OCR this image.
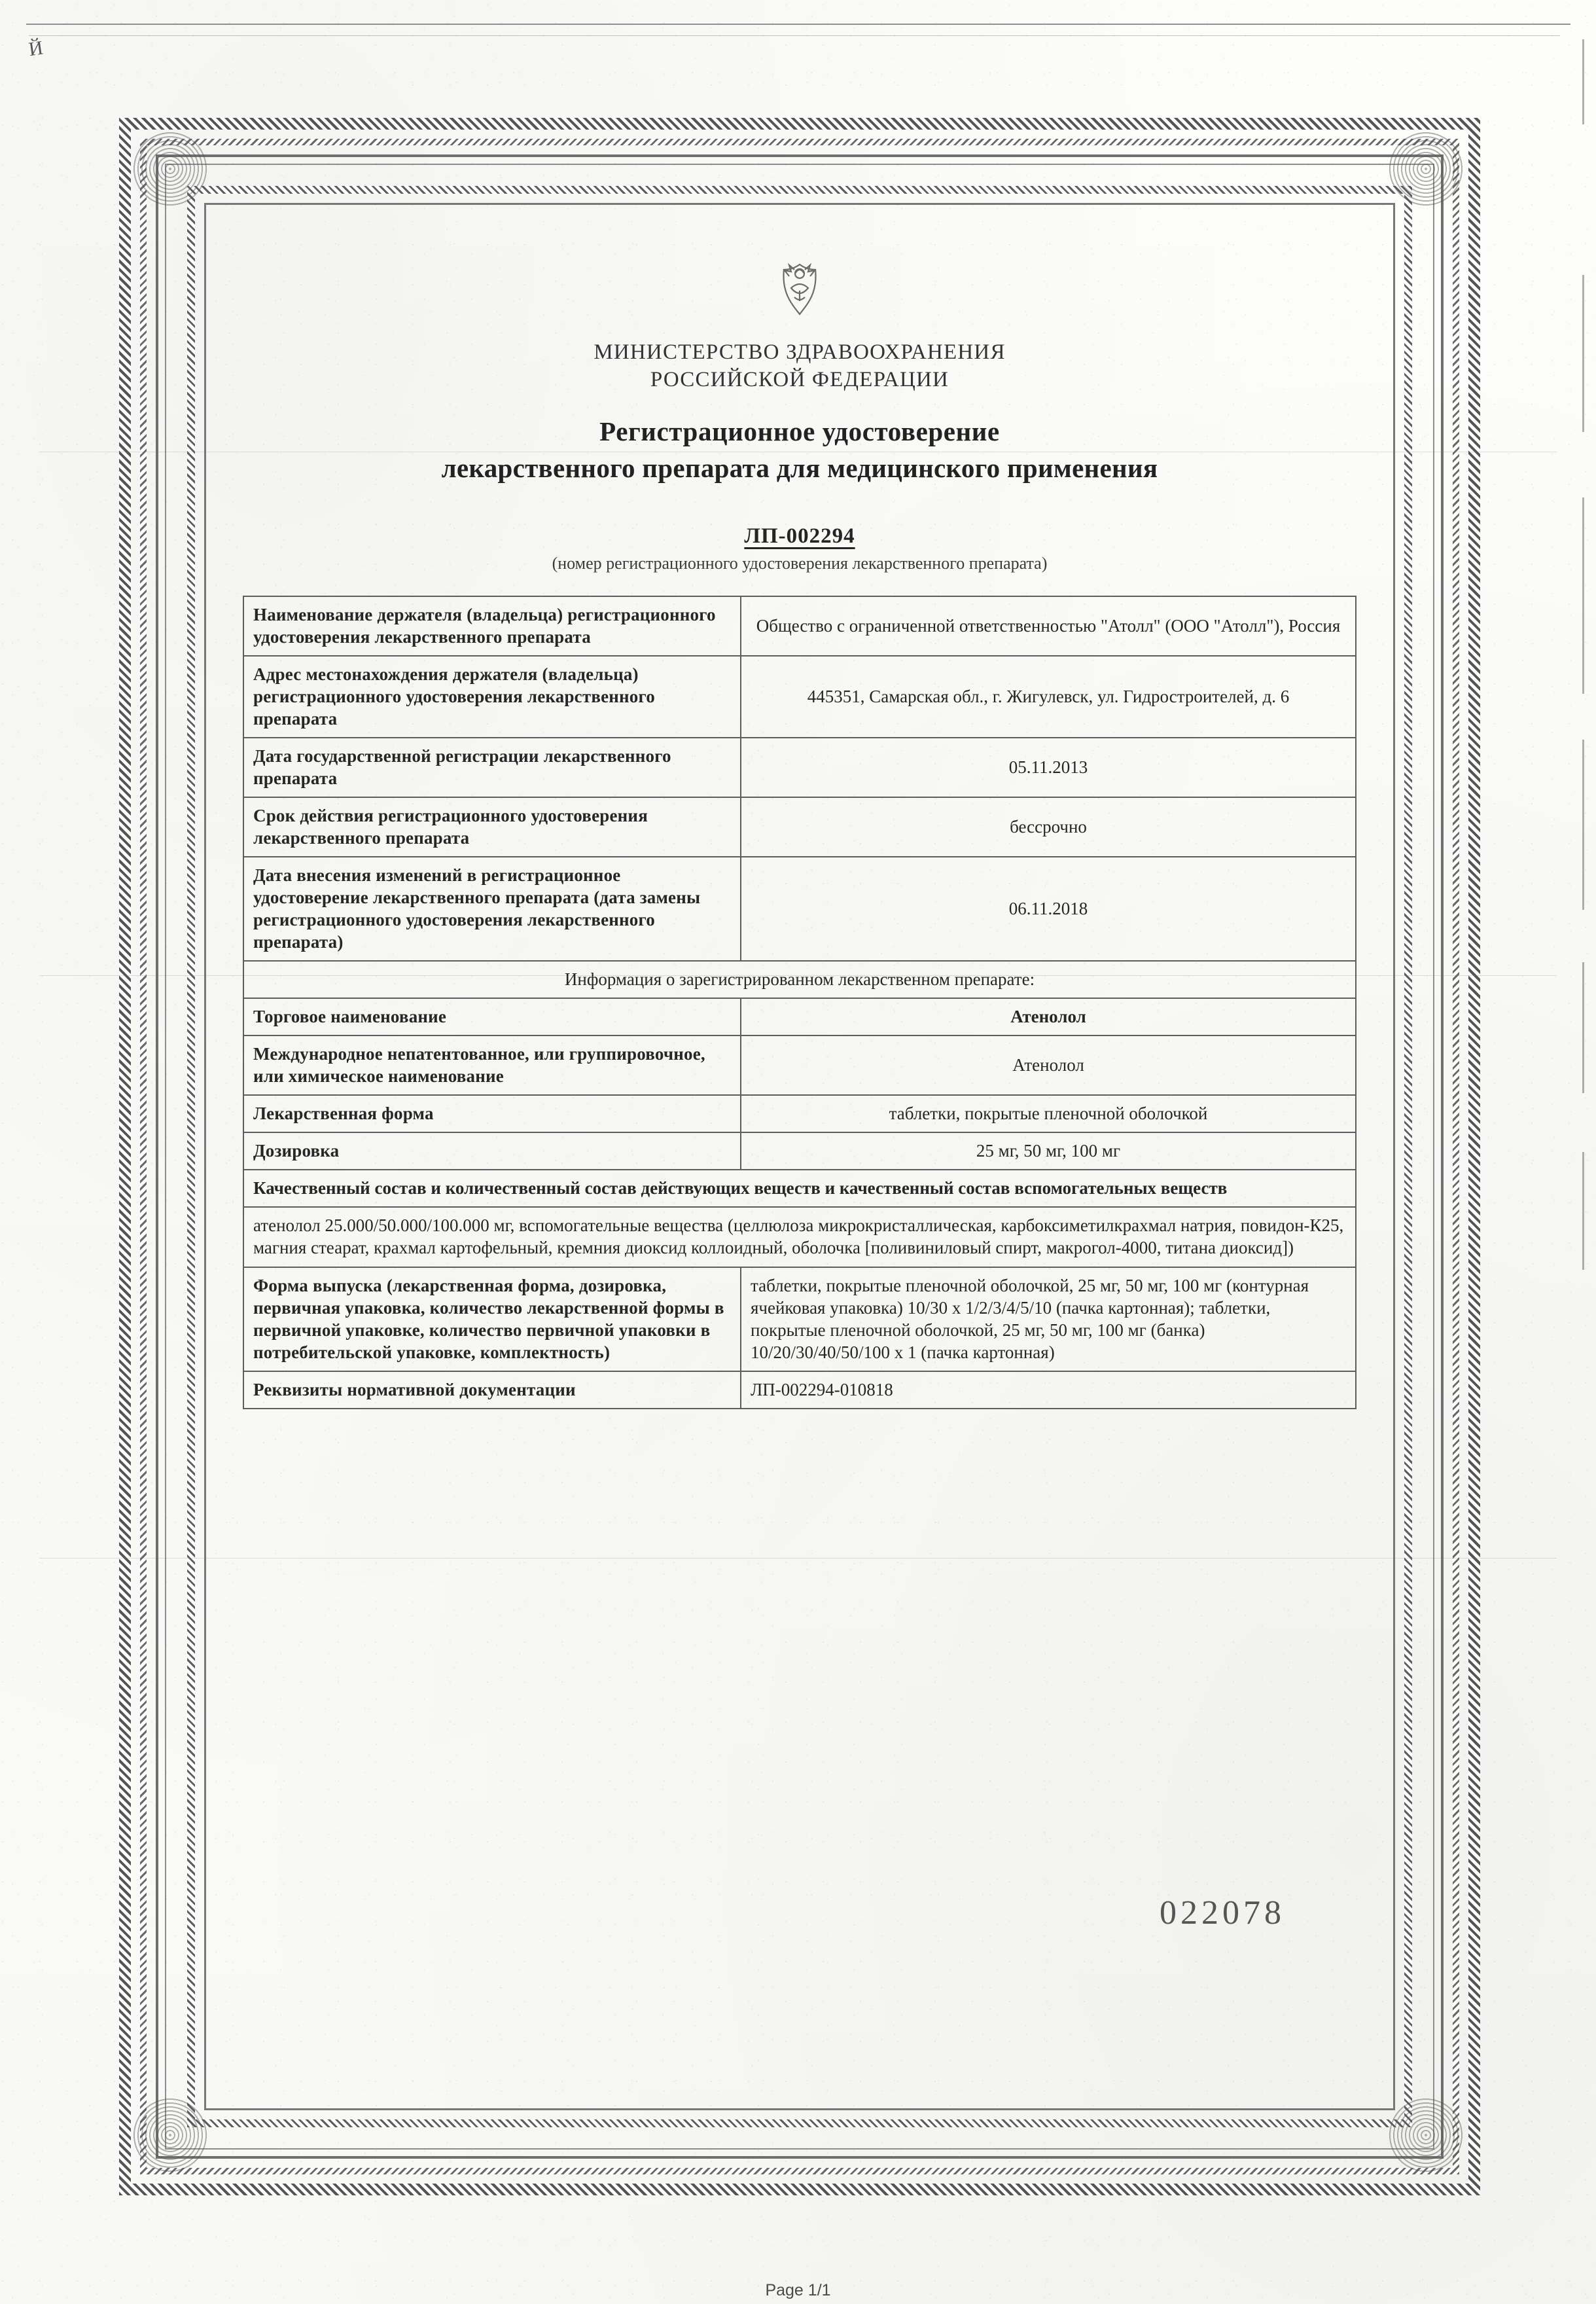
Й
МИНИСТЕРСТВО ЗДРАВООХРАНЕНИЯ
РОССИЙСКОЙ ФЕДЕРАЦИИ
Регистрационное удостоверение
лекарственного препарата для медицинского применения
ЛП-002294
(номер регистрационного удостоверения лекарственного препарата)
Наименование держателя (владельца) регистрационного удостоверения лекарственного препарата	Общество с ограниченной ответственностью "Атолл" (ООО "Атолл"), Россия
Адрес местонахождения держателя (владельца) регистрационного удостоверения лекарственного препарата	445351, Самарская обл., г. Жигулевск, ул. Гидростроителей, д. 6
Дата государственной регистрации лекарственного препарата	05.11.2013
Срок действия регистрационного удостоверения лекарственного препарата	бессрочно
Дата внесения изменений в регистрационное удостоверение лекарственного препарата (дата замены регистрационного удостоверения лекарственного препарата)	06.11.2018
Информация о зарегистрированном лекарственном препарате:	
Торговое наименование	Атенолол
Международное непатентованное, или группировочное, или химическое наименование	Атенолол
Лекарственная форма	таблетки, покрытые пленочной оболочкой
Дозировка	25 мг, 50 мг, 100 мг
Качественный состав и количественный состав действующих веществ и качественный состав вспомогательных веществ	
атенолол 25.000/50.000/100.000 мг, вспомогательные вещества (целлюлоза микрокристаллическая, карбоксиметилкрахмал натрия, повидон-К25, магния стеарат, крахмал картофельный, кремния диоксид коллоидный, оболочка [поливиниловый спирт, макрогол-4000, титана диоксид])	
Форма выпуска (лекарственная форма, дозировка, первичная упаковка, количество лекарственной формы в первичной упаковке, количество первичной упаковки в потребительской упаковке, комплектность)	таблетки, покрытые пленочной оболочкой, 25 мг, 50 мг, 100 мг (контурная ячейковая упаковка) 10/30 х 1/2/3/4/5/10 (пачка картонная); таблетки, покрытые пленочной оболочкой, 25 мг, 50 мг, 100 мг (банка) 10/20/30/40/50/100 х 1 (пачка картонная)
Реквизиты нормативной документации	ЛП-002294-010818
022078
Page 1/1
